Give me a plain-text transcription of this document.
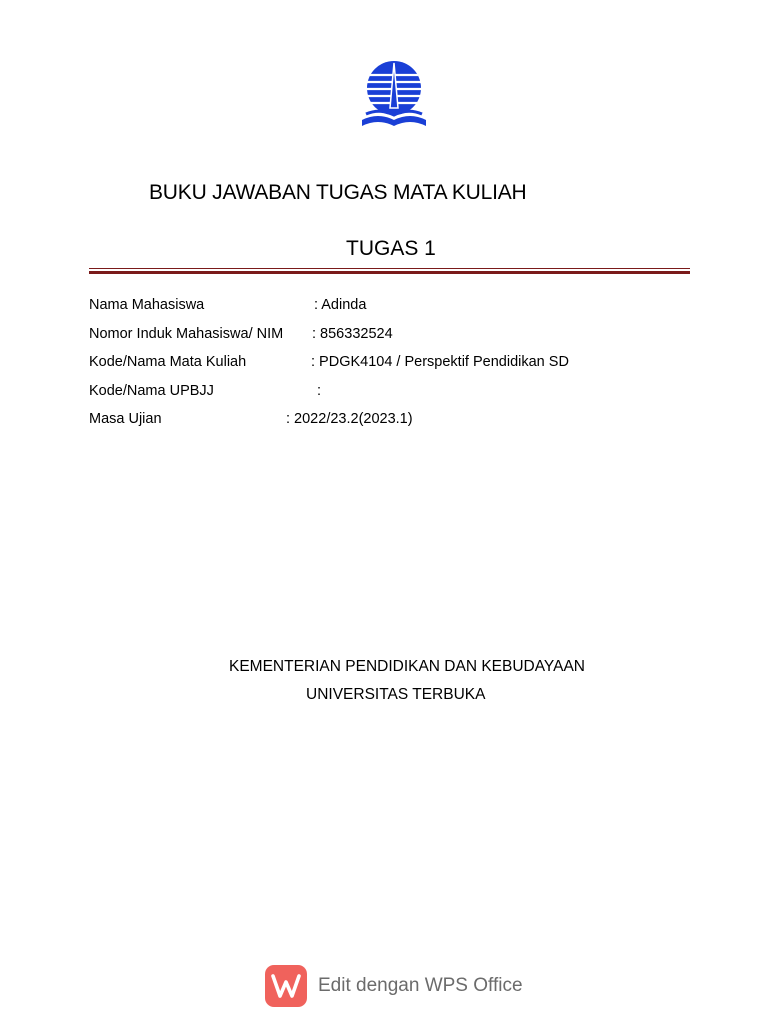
BUKU JAWABAN TUGAS MATA KULIAH
TUGAS 1
Nama Mahasiswa	: Adinda
Nomor Induk Mahasiswa/ NIM : 856332524
Kode/Nama Mata Kuliah	: PDGK4104 / Perspektif Pendidikan SD
Kode/Nama UPBJJ	:
Masa Ujian	: 2022/23.2(2023.1)
KEMENTERIAN PENDIDIKAN DAN KEBUDAYAAN
UNIVERSITAS TERBUKA
Edit dengan WPS Office
